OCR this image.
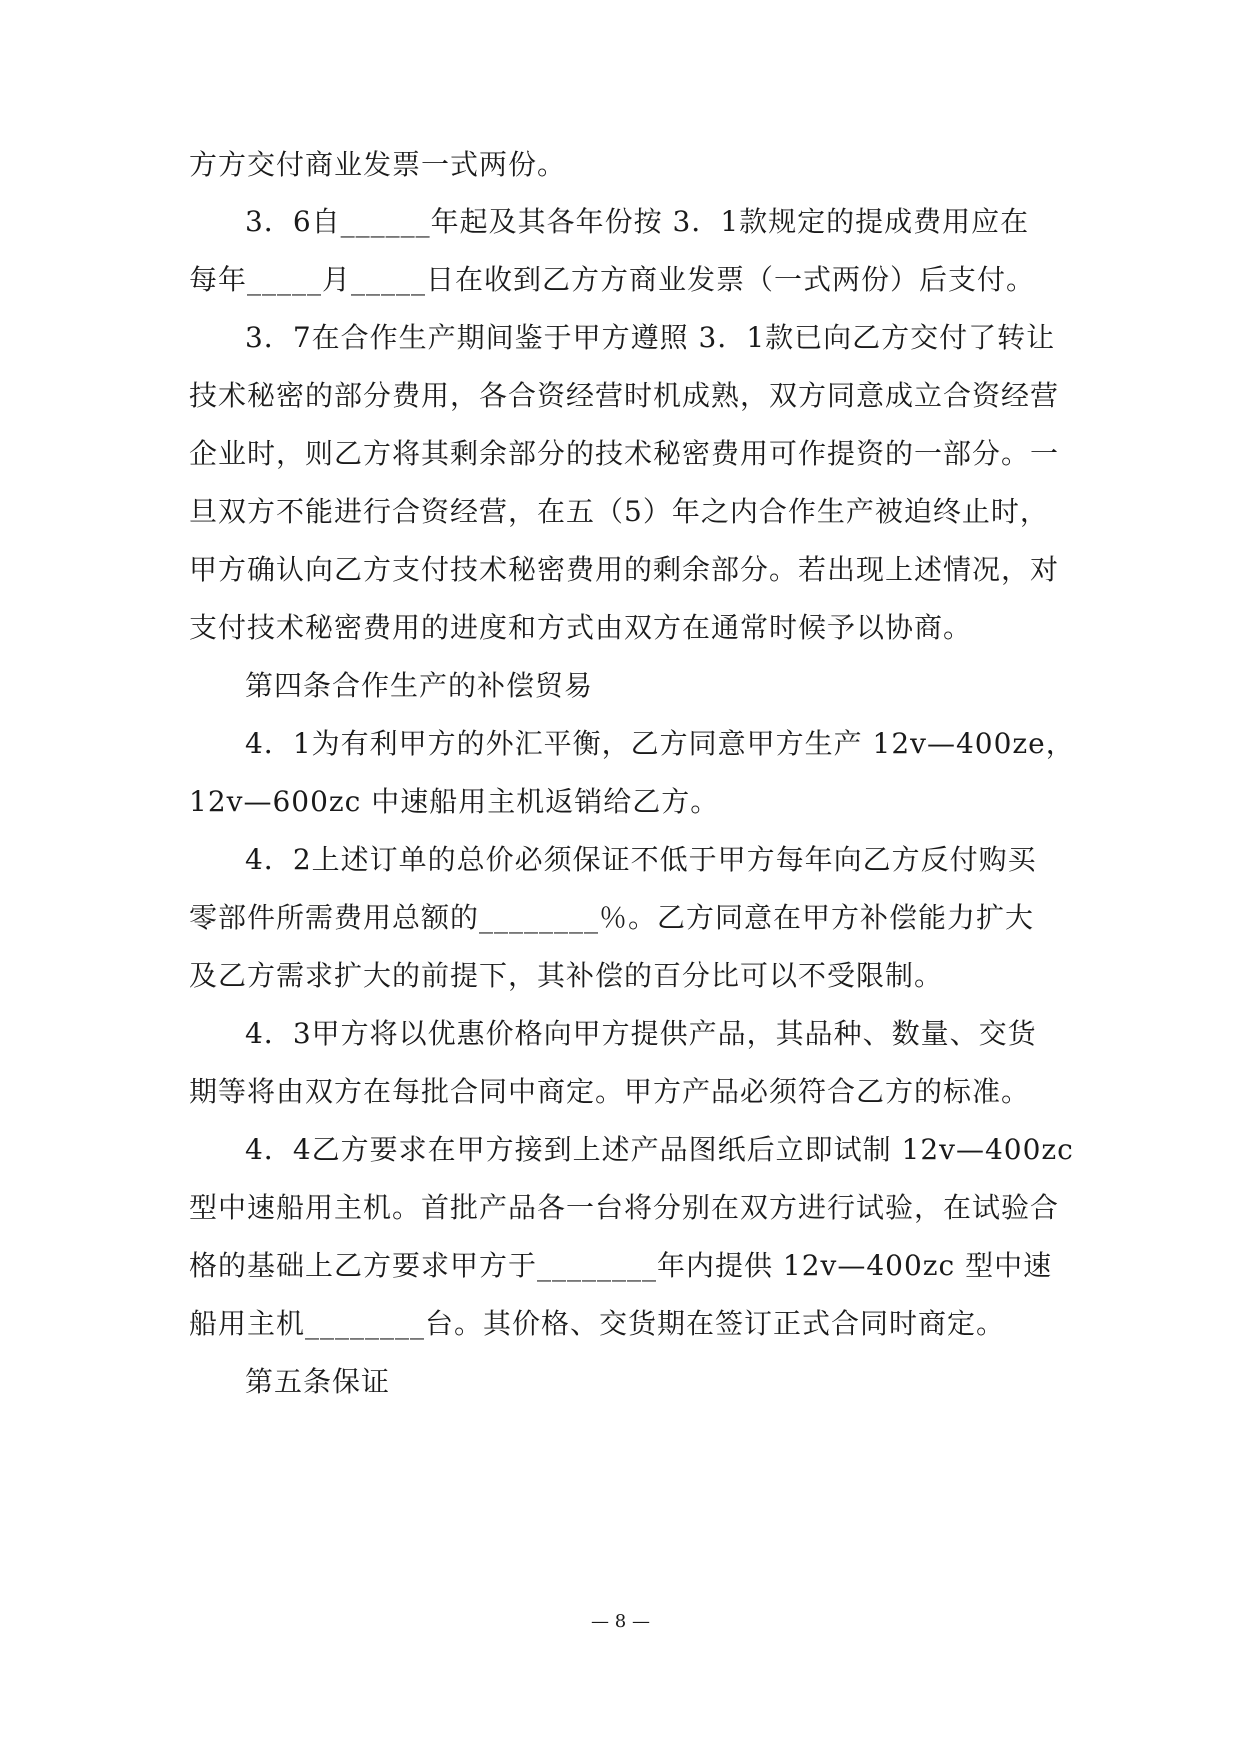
方方交付商业发票一式两份。
3．6自______年起及其各年份按 3．1款规定的提成费用应在
每年_____月_____日在收到乙方方商业发票（一式两份）后支付。
3．7在合作生产期间鉴于甲方遵照 3．1款已向乙方交付了转让
技术秘密的部分费用，各合资经营时机成熟，双方同意成立合资经营
企业时，则乙方将其剩余部分的技术秘密费用可作提资的一部分。一
旦双方不能进行合资经营，在五（5）年之内合作生产被迫终止时，
甲方确认向乙方支付技术秘密费用的剩余部分。若出现上述情况，对
支付技术秘密费用的进度和方式由双方在通常时候予以协商。
第四条合作生产的补偿贸易
4．1为有利甲方的外汇平衡，乙方同意甲方生产 12v—400ze，
12v—600zc 中速船用主机返销给乙方。
4．2上述订单的总价必须保证不低于甲方每年向乙方反付购买
零部件所需费用总额的________％。乙方同意在甲方补偿能力扩大
及乙方需求扩大的前提下，其补偿的百分比可以不受限制。
4．3甲方将以优惠价格向甲方提供产品，其品种、数量、交货
期等将由双方在每批合同中商定。甲方产品必须符合乙方的标准。
4．4乙方要求在甲方接到上述产品图纸后立即试制 12v—400zc
型中速船用主机。首批产品各一台将分别在双方进行试验，在试验合
格的基础上乙方要求甲方于________年内提供 12v—400zc 型中速
船用主机________台。其价格、交货期在签订正式合同时商定。
第五条保证
— 8 —
